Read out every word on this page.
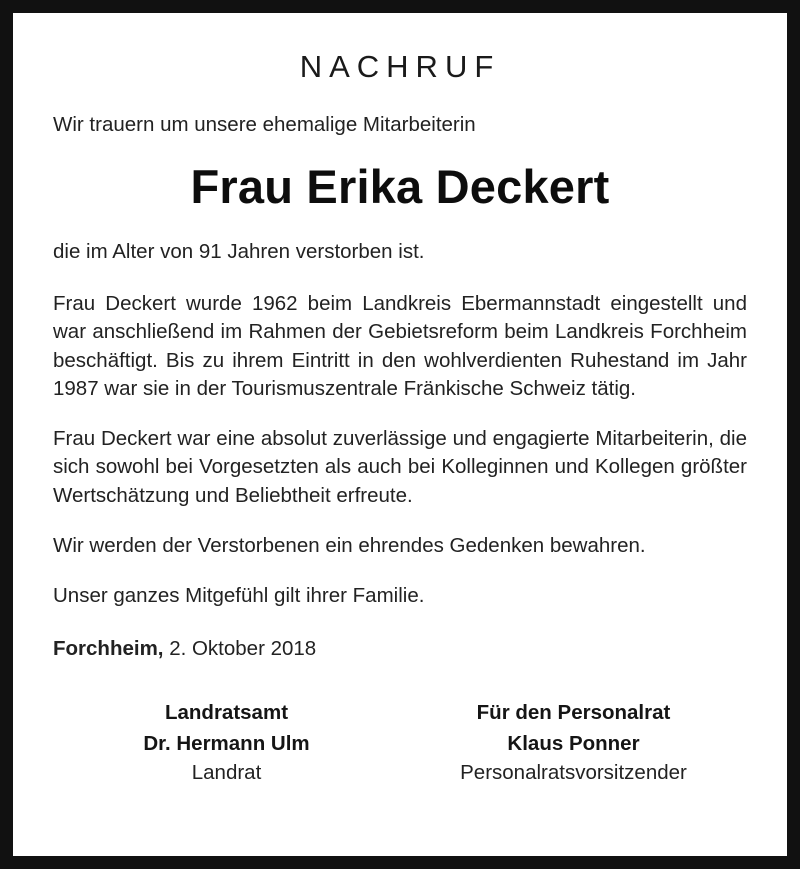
NACHRUF

Wir trauern um unsere ehemalige Mitarbeiterin

Frau Erika Deckert

die im Alter von 91 Jahren verstorben ist.

Frau Deckert wurde 1962 beim Landkreis Ebermannstadt eingestellt und war anschließend im Rahmen der Gebietsreform beim Landkreis Forchheim beschäftigt. Bis zu ihrem Eintritt in den wohlverdienten Ruhestand im Jahr 1987 war sie in der Tourismuszentrale Fränkische Schweiz tätig.

Frau Deckert war eine absolut zuverlässige und engagierte Mitarbeiterin, die sich sowohl bei Vorgesetzten als auch bei Kolleginnen und Kollegen größter Wertschätzung und Beliebtheit erfreute.

Wir werden der Verstorbenen ein ehrendes Gedenken bewahren.

Unser ganzes Mitgefühl gilt ihrer Familie.

Forchheim, 2. Oktober 2018

Landratsamt
Dr. Hermann Ulm
Landrat
Für den Personalrat
Klaus Ponner
Personalratsvorsitzender
